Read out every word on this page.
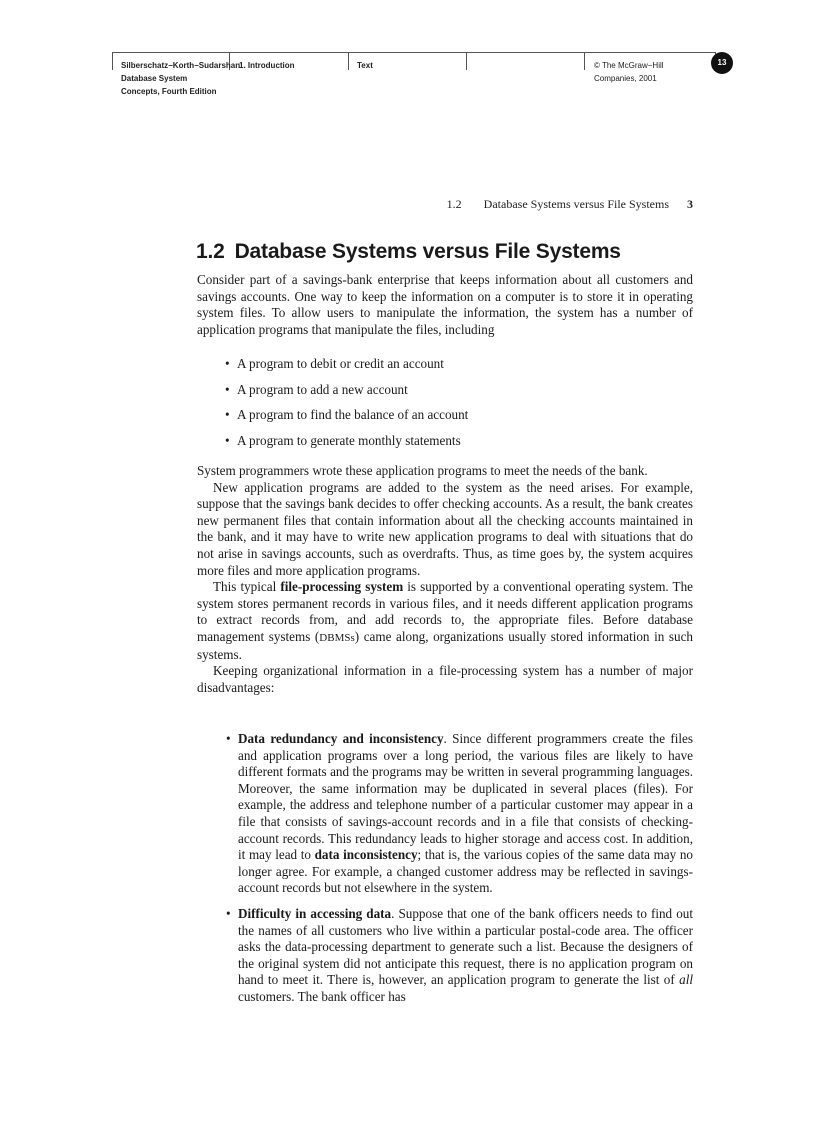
Silberschatz−Korth−Sudarshan:
Database System
Concepts, Fourth Edition
1. Introduction	Text	© The McGraw−Hill
Companies, 2001
13
1.2 Database Systems versus File Systems 3
1.2 Database Systems versus File Systems

Consider part of a savings-bank enterprise that keeps information about all customers and savings accounts. One way to keep the information on a computer is to store it in operating system files. To allow users to manipulate the information, the system has a number of application programs that manipulate the files, including

• A program to debit or credit an account
• A program to add a new account
• A program to find the balance of an account
• A program to generate monthly statements

System programmers wrote these application programs to meet the needs of the bank.

New application programs are added to the system as the need arises. For example, suppose that the savings bank decides to offer checking accounts. As a result, the bank creates new permanent files that contain information about all the checking accounts maintained in the bank, and it may have to write new application programs to deal with situations that do not arise in savings accounts, such as overdrafts. Thus, as time goes by, the system acquires more files and more application programs.

This typical file-processing system is supported by a conventional operating system. The system stores permanent records in various files, and it needs different application programs to extract records from, and add records to, the appropriate files. Before database management systems (DBMSs) came along, organizations usually stored information in such systems.

Keeping organizational information in a file-processing system has a number of major disadvantages:

• Data redundancy and inconsistency. Since different programmers create the files and application programs over a long period, the various files are likely to have different formats and the programs may be written in several programming languages. Moreover, the same information may be duplicated in several places (files). For example, the address and telephone number of a particular customer may appear in a file that consists of savings-account records and in a file that consists of checking-account records. This redundancy leads to higher storage and access cost. In addition, it may lead to data inconsistency; that is, the various copies of the same data may no longer agree. For example, a changed customer address may be reflected in savings-account records but not elsewhere in the system.
• Difficulty in accessing data. Suppose that one of the bank officers needs to find out the names of all customers who live within a particular postal-code area. The officer asks the data-processing department to generate such a list. Because the designers of the original system did not anticipate this request, there is no application program on hand to meet it. There is, however, an application program to generate the list of all customers. The bank officer has
